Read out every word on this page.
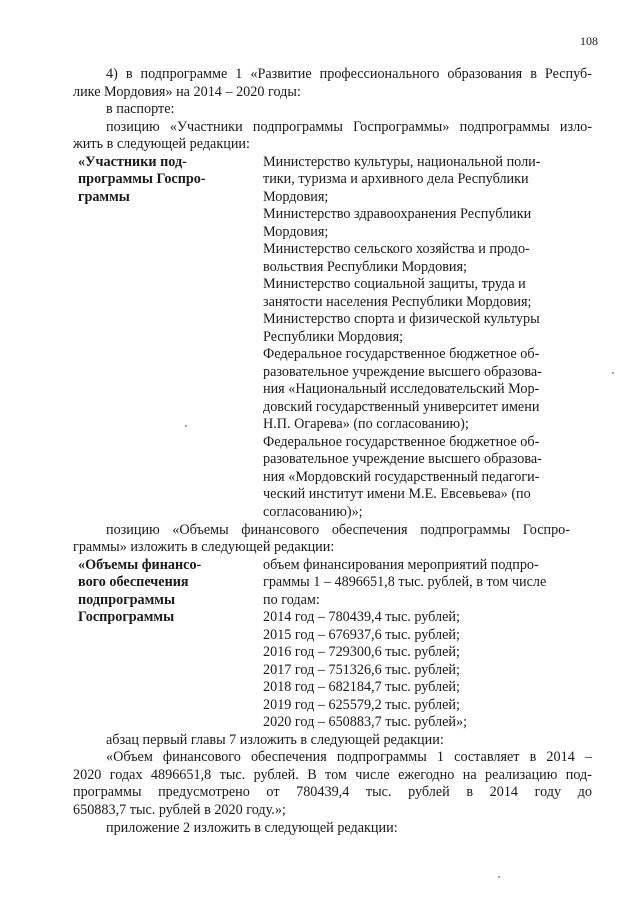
108
4) в подпрограмме 1 «Развитие профессионального образования в Респуб-
лике Мордовия» на 2014 – 2020 годы:
в паспорте:
позицию «Участники подпрограммы Госпрограммы» подпрограммы изло-
жить в следующей редакции:
«Участники под-
программы Госпро-
граммы
Министерство культуры, национальной поли-
тики, туризма и архивного дела Республики
Мордовия;
Министерство здравоохранения Республики
Мордовия;
Министерство сельского хозяйства и продо-
вольствия Республики Мордовия;
Министерство социальной защиты, труда и
занятости населения Республики Мордовия;
Министерство спорта и физической культуры
Республики Мордовия;
Федеральное государственное бюджетное об-
разовательное учреждение высшего образова-
ния «Национальный исследовательский Мор-
довский государственный университет имени
Н.П. Огарева» (по согласованию);
Федеральное государственное бюджетное об-
разовательное учреждение высшего образова-
ния «Мордовский государственный педагоги-
ческий институт имени М.Е. Евсевьева» (по
согласованию)»;
позицию «Объемы финансового обеспечения подпрограммы Госпро-
граммы» изложить в следующей редакции:
«Объемы финансо-
вого обеспечения
подпрограммы
Госпрограммы
объем финансирования мероприятий подпро-
граммы 1 – 4896651,8 тыс. рублей, в том числе
по годам:
2014 год – 780439,4 тыс. рублей;
2015 год – 676937,6 тыс. рублей;
2016 год – 729300,6 тыс. рублей;
2017 год – 751326,6 тыс. рублей;
2018 год – 682184,7 тыс. рублей;
2019 год – 625579,2 тыс. рублей;
2020 год – 650883,7 тыс. рублей»;
абзац первый главы 7 изложить в следующей редакции:
«Объем финансового обеспечения подпрограммы 1 составляет в 2014 –
2020 годах 4896651,8 тыс. рублей. В том числе ежегодно на реализацию под-
программы предусмотрено от 780439,4 тыс. рублей в 2014 году до
650883,7 тыс. рублей в 2020 году.»;
приложение 2 изложить в следующей редакции:
